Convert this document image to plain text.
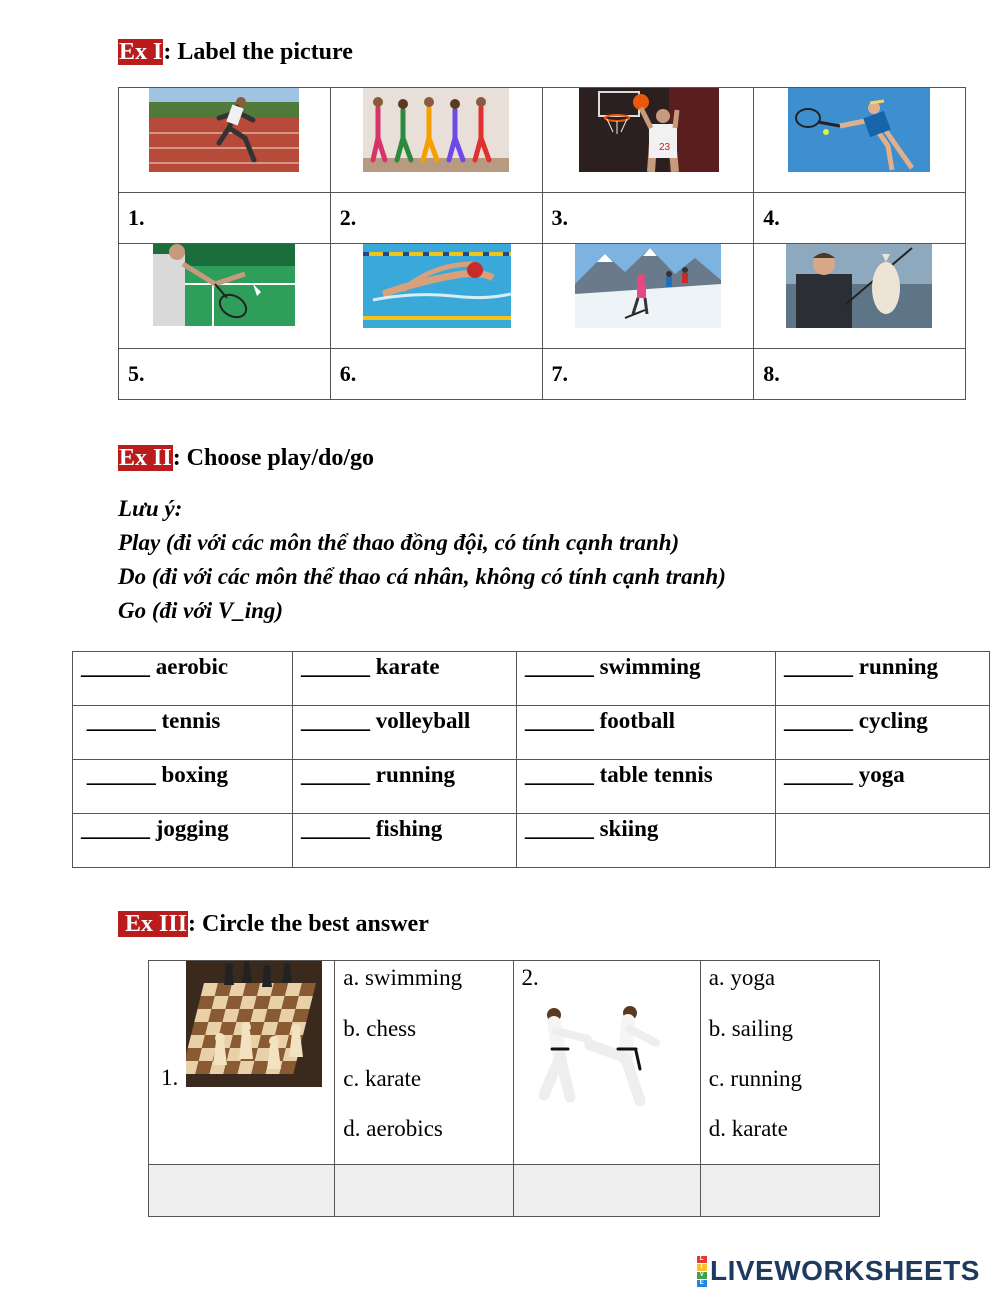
Ex I: Label the picture

23

1.	2.	3.	4.

5.	6.	7.	8.
Ex II: Choose play/do/go
Lưu ý:
Play (đi với các môn thể thao đồng đội, có tính cạnh tranh)
Do (đi với các môn thể thao cá nhân, không có tính cạnh tranh)
Go (đi với V_ing)
______ aerobic	______ karate	______ swimming	______ running
______ tennis	______ volleyball	______ football	______ cycling
______ boxing	______ running	______ table tennis	______ yoga
______ jogging	______ fishing	______ skiing	
Ex III: Circle the best answer
1.	a. swimming
b. chess
c. karate
d. aerobics	2.	a. yoga
b. sailing
c. running
d. karate

L
I
V
E LIVEWORKSHEETS
